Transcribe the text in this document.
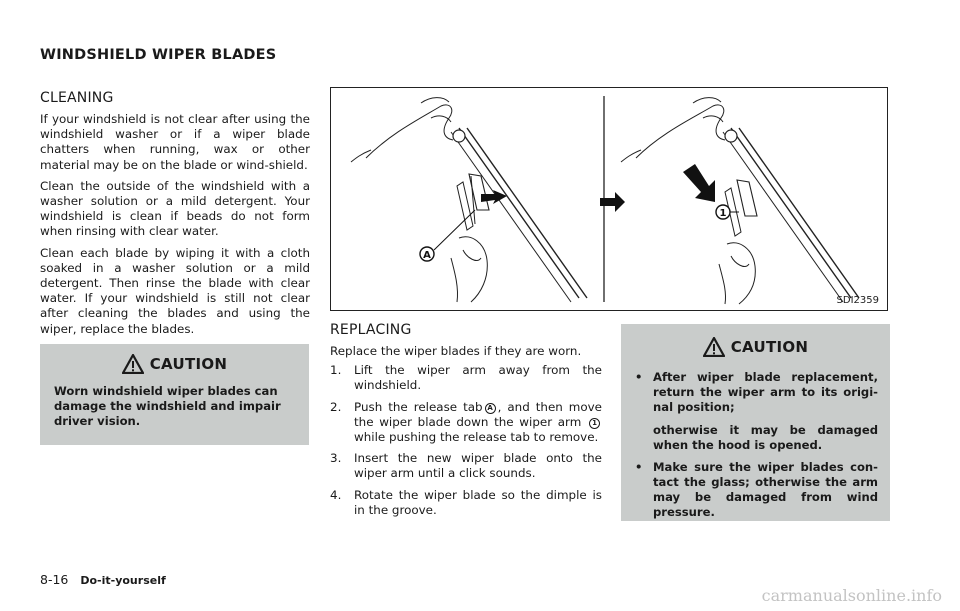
WINDSHIELD WIPER BLADES
CLEANING

If your windshield is not clear after using the windshield washer or if a wiper blade chatters when running, wax or other material may be on the blade or wind-shield.

Clean the outside of the windshield with a washer solution or a mild detergent. Your windshield is clean if beads do not form when rinsing with clear water.

Clean each blade by wiping it with a cloth soaked in a washer solution or a mild detergent. Then rinse the blade with clear water. If your windshield is still not clear after cleaning the blades and using the wiper, replace the blades.

CAUTION
Worn windshield wiper blades can damage the windshield and impair driver vision.
A
1
SDI2359
REPLACING

Replace the wiper blades if they are worn.

1.	Lift the wiper arm away from the windshield.
2.	Push the release tab A , and then move the wiper blade down the wiper arm 1while pushing the release tab to remove.
3.	Insert the new wiper blade onto the wiper arm until a click sounds.
4.	Rotate the wiper blade so the dimple is in the groove.
CAUTION
• After wiper blade replacement, return the wiper arm to its origi-nal position;
otherwise it may be damaged when the hood is opened.
• Make sure the wiper blades con-tact the glass; otherwise the arm may be damaged from wind pressure.
8-16 Do-it-yourself
carmanualsonline.info
